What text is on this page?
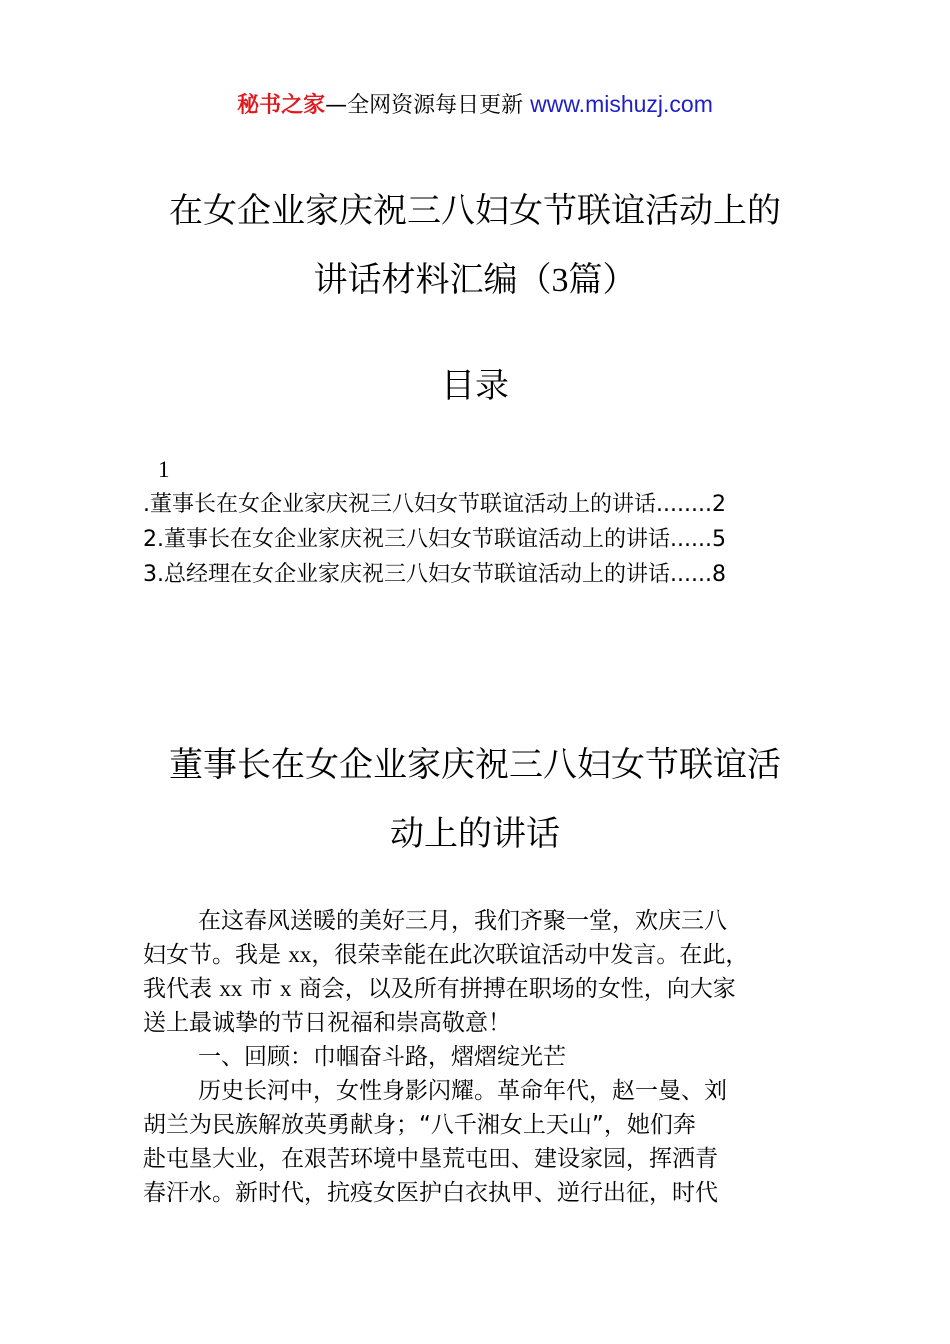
秘书之家—全网资源每日更新 www.mishuzj.com
在女企业家庆祝三八妇女节联谊活动上的
讲话材料汇编（3篇）
目录
1
.董事长在女企业家庆祝三八妇女节联谊活动上的讲话........2
2.董事长在女企业家庆祝三八妇女节联谊活动上的讲话......5
3.总经理在女企业家庆祝三八妇女节联谊活动上的讲话......8
董事长在女企业家庆祝三八妇女节联谊活
动上的讲话
在这春风送暖的美好三月，我们齐聚一堂，欢庆三八
妇女节。我是 xx，很荣幸能在此次联谊活动中发言。在此，
我代表 xx 市 x 商会，以及所有拼搏在职场的女性，向大家
送上最诚挚的节日祝福和崇高敬意！
一、回顾：巾帼奋斗路，熠熠绽光芒
历史长河中，女性身影闪耀。革命年代，赵一曼、刘
胡兰为民族解放英勇献身；“八千湘女上天山”，她们奔
赴屯垦大业，在艰苦环境中垦荒屯田、建设家园，挥洒青
春汗水。新时代，抗疫女医护白衣执甲、逆行出征，时代
